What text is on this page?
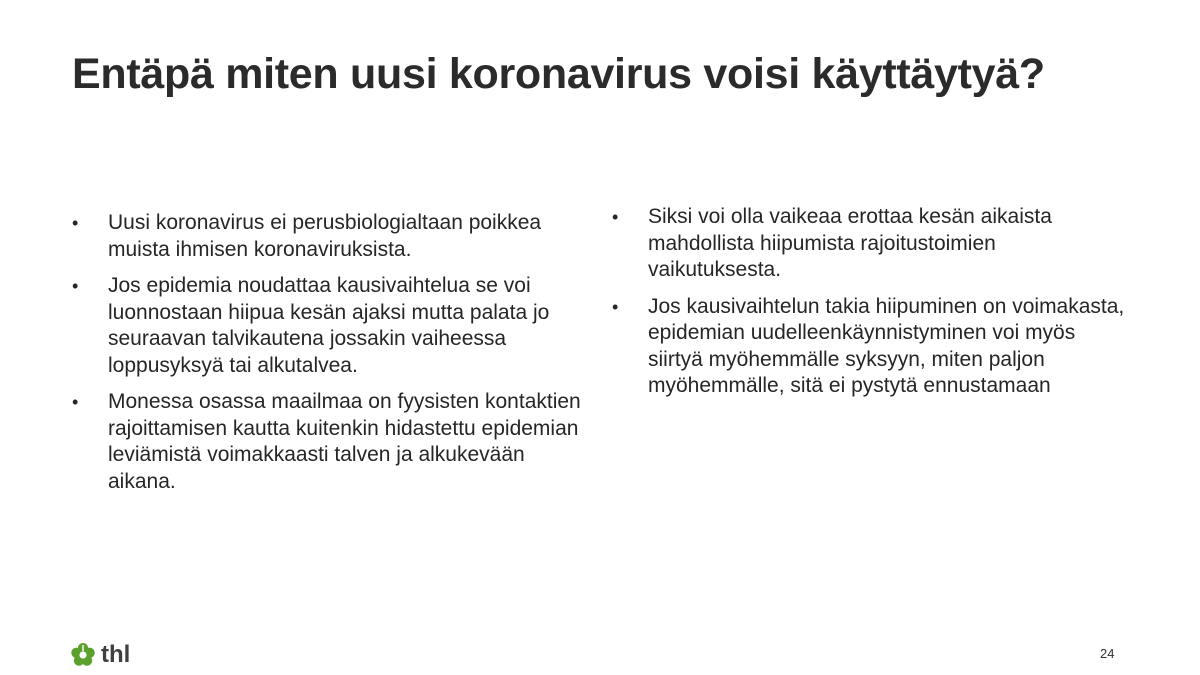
Entäpä miten uusi koronavirus voisi käyttäytyä?
•	Uusi koronavirus ei perusbiologialtaan poikkea muista ihmisen koronaviruksista.
•	Jos epidemia noudattaa kausivaihtelua se voi luonnostaan hiipua kesän ajaksi mutta palata jo seuraavan talvikautena jossakin vaiheessa loppusyksyä tai alkutalvea.
•	Monessa osassa maailmaa on fyysisten kontaktien rajoittamisen kautta kuitenkin hidastettu epidemian leviämistä voimakkaasti talven ja alkukevään aikana.
•	Siksi voi olla vaikeaa erottaa kesän aikaista mahdollista hiipumista rajoitustoimien vaikutuksesta.
•	Jos kausivaihtelun takia hiipuminen on voimakasta, epidemian uudelleenkäynnistyminen voi myös siirtyä myöhemmälle syksyyn, miten paljon myöhemmälle, sitä ei pystytä ennustamaan
thl	24
